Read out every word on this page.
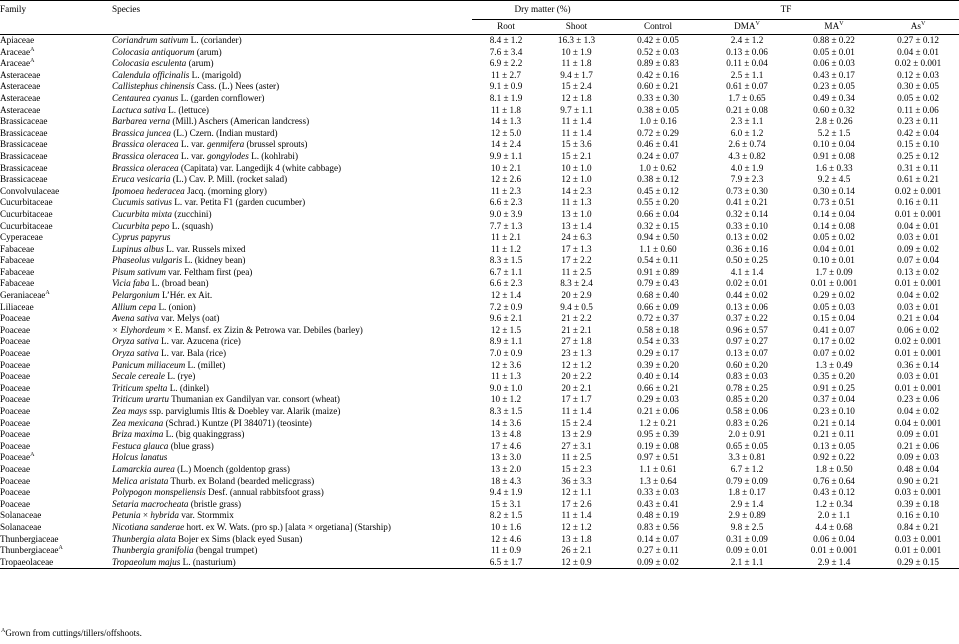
Family	Species	Dry matter (%)		TF			
		Root	Shoot	Control	$DMA^V$	$MA^V$	$As^V$
Apiaceae	Coriandrum sativum L. (coriander)	8.4 ± 1.2	16.3 ± 1.3	0.42 ± 0.05	2.4 ± 1.2	0.88 ± 0.22	0.27 ± 0.12
Araceae$^A$	Colocasia antiquorum (arum)	7.6 ± 3.4	10 ± 1.9	0.52 ± 0.03	0.13 ± 0.06	0.05 ± 0.01	0.04 ± 0.01
Araceae$^A$	Colocasia esculenta (arum)	6.9 ± 2.2	11 ± 1.8	0.89 ± 0.83	0.11 ± 0.04	0.06 ± 0.03	0.02 ± 0.001
Asteraceae	Calendula officinalis L. (marigold)	11 ± 2.7	9.4 ± 1.7	0.42 ± 0.16	2.5 ± 1.1	0.43 ± 0.17	0.12 ± 0.03
Asteraceae	Callistephus chinensis Cass. (L.) Nees (aster)	9.1 ± 0.9	15 ± 2.4	0.60 ± 0.21	0.61 ± 0.07	0.23 ± 0.05	0.30 ± 0.05
Asteraceae	Centaurea cyanus L. (garden cornflower)	8.1 ± 1.9	12 ± 1.8	0.33 ± 0.30	1.7 ± 0.65	0.49 ± 0.34	0.05 ± 0.02
Asteraceae	Lactuca sativa L. (lettuce)	11 ± 1.8	9.7 ± 1.1	0.38 ± 0.05	0.21 ± 0.08	0.60 ± 0.32	0.11 ± 0.06
Brassicaceae	Barbarea verna (Mill.) Aschers (American landcress)	14 ± 1.3	11 ± 1.4	1.0 ± 0.16	2.3 ± 1.1	2.8 ± 0.26	0.23 ± 0.11
Brassicaceae	Brassica juncea (L.) Czern. (Indian mustard)	12 ± 5.0	11 ± 1.4	0.72 ± 0.29	6.0 ± 1.2	5.2 ± 1.5	0.42 ± 0.04
Brassicaceae	Brassica oleracea L. var. genmifera (brussel sprouts)	14 ± 2.4	15 ± 3.6	0.46 ± 0.41	2.6 ± 0.74	0.10 ± 0.04	0.15 ± 0.10
Brassicaceae	Brassica oleracea L. var. gongylodes L. (kohlrabi)	9.9 ± 1.1	15 ± 2.1	0.24 ± 0.07	4.3 ± 0.82	0.91 ± 0.08	0.25 ± 0.12
Brassicaceae	Brassica oleracea (Capitata) var. Langedijk 4 (white cabbage)	10 ± 2.1	10 ± 1.0	1.0 ± 0.62	4.0 ± 1.9	1.6 ± 0.33	0.31 ± 0.11
Brassicaceae	Eruca vesicaria (L.) Cav. P. Mill. (rocket salad)	12 ± 2.6	12 ± 1.0	0.38 ± 0.12	7.9 ± 2.3	9.2 ± 4.5	0.61 ± 0.21
Convolvulaceae	Ipomoea hederacea Jacq. (morning glory)	11 ± 2.3	14 ± 2.3	0.45 ± 0.12	0.73 ± 0.30	0.30 ± 0.14	0.02 ± 0.001
Cucurbitaceae	Cucumis sativus L. var. Petita F1 (garden cucumber)	6.6 ± 2.3	11 ± 1.3	0.55 ± 0.20	0.41 ± 0.21	0.73 ± 0.51	0.16 ± 0.11
Cucurbitaceae	Cucurbita mixta (zucchini)	9.0 ± 3.9	13 ± 1.0	0.66 ± 0.04	0.32 ± 0.14	0.14 ± 0.04	0.01 ± 0.001
Cucurbitaceae	Cucurbita pepo L. (squash)	7.7 ± 1.3	13 ± 1.4	0.32 ± 0.15	0.33 ± 0.10	0.14 ± 0.08	0.04 ± 0.01
Cyperaceae	Cyprus papyrus	11 ± 2.1	24 ± 6.3	0.94 ± 0.50	0.13 ± 0.02	0.05 ± 0.02	0.03 ± 0.01
Fabaceae	Lupinus albus L. var. Russels mixed	11 ± 1.2	17 ± 1.3	1.1 ± 0.60	0.36 ± 0.16	0.04 ± 0.01	0.09 ± 0.02
Fabaceae	Phaseolus vulgaris L. (kidney bean)	8.3 ± 1.5	17 ± 2.2	0.54 ± 0.11	0.50 ± 0.25	0.10 ± 0.01	0.07 ± 0.04
Fabaceae	Pisum sativum var. Feltham first (pea)	6.7 ± 1.1	11 ± 2.5	0.91 ± 0.89	4.1 ± 1.4	1.7 ± 0.09	0.13 ± 0.02
Fabaceae	Vicia faba L. (broad bean)	6.6 ± 2.3	8.3 ± 2.4	0.79 ± 0.43	0.02 ± 0.01	0.01 ± 0.001	0.01 ± 0.001
Geraniaceae$^A$	Pelargonium L’Hér. ex Ait.	12 ± 1.4	20 ± 2.9	0.68 ± 0.40	0.44 ± 0.02	0.29 ± 0.02	0.04 ± 0.02
Liliaceae	Allium cepa L. (onion)	7.2 ± 0.9	9.4 ± 0.5	0.66 ± 0.09	0.13 ± 0.06	0.05 ± 0.03	0.03 ± 0.01
Poaceae	Avena sativa var. Melys (oat)	9.6 ± 2.1	21 ± 2.2	0.72 ± 0.37	0.37 ± 0.22	0.15 ± 0.04	0.21 ± 0.04
Poaceae	× Elyhordeum × E. Mansf. ex Zizin & Petrowa var. Debiles (barley)	12 ± 1.5	21 ± 2.1	0.58 ± 0.18	0.96 ± 0.57	0.41 ± 0.07	0.06 ± 0.02
Poaceae	Oryza sativa L. var. Azucena (rice)	8.9 ± 1.1	27 ± 1.8	0.54 ± 0.33	0.97 ± 0.27	0.17 ± 0.02	0.02 ± 0.001
Poaceae	Oryza sativa L. var. Bala (rice)	7.0 ± 0.9	23 ± 1.3	0.29 ± 0.17	0.13 ± 0.07	0.07 ± 0.02	0.01 ± 0.001
Poaceae	Panicum miliaceum L. (millet)	12 ± 3.6	12 ± 1.2	0.39 ± 0.20	0.60 ± 0.20	1.3 ± 0.49	0.36 ± 0.14
Poaceae	Secale cereale L. (rye)	11 ± 1.3	20 ± 2.2	0.40 ± 0.14	0.83 ± 0.03	0.35 ± 0.20	0.03 ± 0.01
Poaceae	Triticum spelta L. (dinkel)	9.0 ± 1.0	20 ± 2.1	0.66 ± 0.21	0.78 ± 0.25	0.91 ± 0.25	0.01 ± 0.001
Poaceae	Triticum urartu Thumanian ex Gandilyan var. consort (wheat)	10 ± 1.2	17 ± 1.7	0.29 ± 0.03	0.85 ± 0.20	0.37 ± 0.04	0.23 ± 0.06
Poaceae	Zea mays ssp. parviglumis Iltis & Doebley var. Alarik (maize)	8.3 ± 1.5	11 ± 1.4	0.21 ± 0.06	0.58 ± 0.06	0.23 ± 0.10	0.04 ± 0.02
Poaceae	Zea mexicana (Schrad.) Kuntze (PI 384071) (teosinte)	14 ± 3.6	15 ± 2.4	1.2 ± 0.21	0.83 ± 0.26	0.21 ± 0.14	0.04 ± 0.001
Poaceae	Briza maxima L. (big quakinggrass)	13 ± 4.8	13 ± 2.9	0.95 ± 0.39	2.0 ± 0.91	0.21 ± 0.11	0.09 ± 0.01
Poaceae	Festuca glauca (blue grass)	17 ± 4.6	27 ± 3.1	0.19 ± 0.08	0.65 ± 0.05	0.13 ± 0.05	0.21 ± 0.06
Poaceae$^A$	Holcus lanatus	13 ± 3.0	11 ± 2.5	0.97 ± 0.51	3.3 ± 0.81	0.92 ± 0.22	0.09 ± 0.03
Poaceae	Lamarckia aurea (L.) Moench (goldentop grass)	13 ± 2.0	15 ± 2.3	1.1 ± 0.61	6.7 ± 1.2	1.8 ± 0.50	0.48 ± 0.04
Poaceae	Melica aristata Thurb. ex Boland (bearded melicgrass)	18 ± 4.3	36 ± 3.3	1.3 ± 0.64	0.79 ± 0.09	0.76 ± 0.64	0.90 ± 0.21
Poaceae	Polypogon monspeliensis Desf. (annual rabbitsfoot grass)	9.4 ± 1.9	12 ± 1.1	0.33 ± 0.03	1.8 ± 0.17	0.43 ± 0.12	0.03 ± 0.001
Poaceae	Setaria macrocheata (bristle grass)	15 ± 3.1	17 ± 2.6	0.43 ± 0.41	2.9 ± 1.4	1.2 ± 0.34	0.39 ± 0.18
Solanaceae	Petunia × hybrida var. Stormmix	8.2 ± 1.5	11 ± 1.4	0.48 ± 0.19	2.9 ± 0.89	2.0 ± 1.1	0.16 ± 0.10
Solanaceae	Nicotiana sanderae hort. ex W. Wats. (pro sp.) [alata × orgetiana] (Starship)	10 ± 1.6	12 ± 1.2	0.83 ± 0.56	9.8 ± 2.5	4.4 ± 0.68	0.84 ± 0.21
Thunbergiaceae	Thunbergia alata Bojer ex Sims (black eyed Susan)	12 ± 4.6	13 ± 1.8	0.14 ± 0.07	0.31 ± 0.09	0.06 ± 0.04	0.03 ± 0.001
Thunbergiaceae$^A$	Thunbergia granifolia (bengal trumpet)	11 ± 0.9	26 ± 2.1	0.27 ± 0.11	0.09 ± 0.01	0.01 ± 0.001	0.01 ± 0.001
Tropaeolaceae	Tropaeolum majus L. (nasturium)	6.5 ± 1.7	12 ± 0.9	0.09 ± 0.02	2.1 ± 1.1	2.9 ± 1.4	0.29 ± 0.15
$^A$Grown from cuttings/tillers/offshoots.
